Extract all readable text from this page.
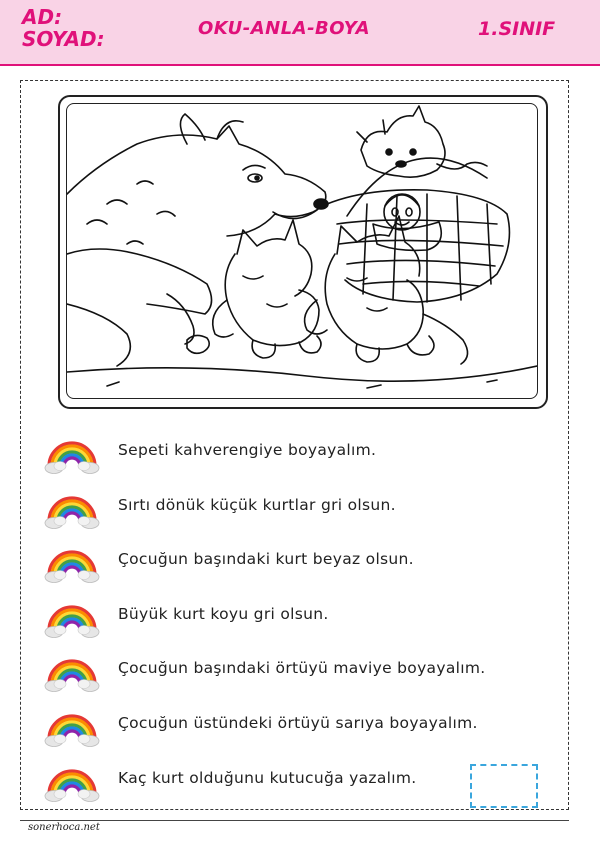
AD:
SOYAD:	OKU-ANLA-BOYA	1.SINIF
Sepeti kahverengiye boyayalım.
Sırtı dönük küçük kurtlar gri olsun.
Çocuğun başındaki kurt beyaz olsun.
Büyük kurt koyu gri olsun.
Çocuğun başındaki örtüyü maviye boyayalım.
Çocuğun üstündeki örtüyü sarıya boyayalım.
Kaç kurt olduğunu kutucuğa yazalım.
sonerhoca.net
